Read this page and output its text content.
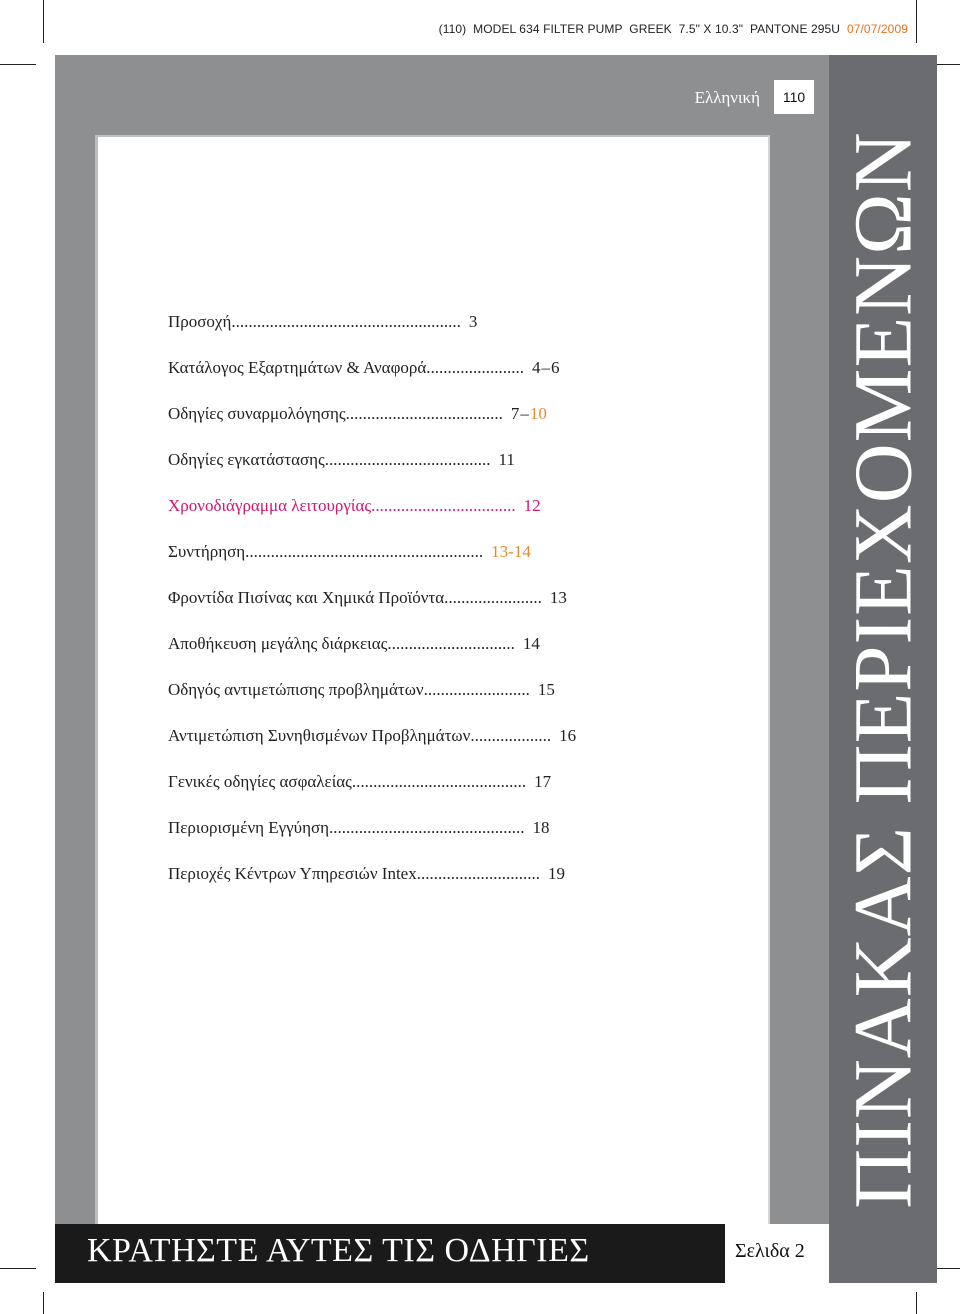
(110)  MODEL 634 FILTER PUMP  GREEK  7.5" X 10.3"  PANTONE 295U  07/07/2009
Ελληνική	110
ΠΙΝΑΚΑΣ ΠΕΡΙΕΧΟΜΕΝΩΝ
Προσοχή ...................................................... 3
Κατάλογος Εξαρτημάτων & Αναφορά ....................... 4–6
Οδηγίες συναρμολόγησης ..................................... 7–10
Οδηγίες εγκατάστασης ....................................... 11
Χρονοδιάγραμμα λειτουργίας .................................. 12
Συντήρηση ........................................................ 13-14
Φροντίδα Πισίνας και Χημικά Προϊόντα ....................... 13
Αποθήκευση μεγάλης διάρκειας .............................. 14
Οδηγός αντιμετώπισης προβλημάτων ......................... 15
Αντιμετώπιση Συνηθισμένων Προβλημάτων ................... 16
Γενικές οδηγίες ασφαλείας ......................................... 17
Περιορισμένη Εγγύηση .............................................. 18
Περιοχές Κέντρων Υπηρεσιών Intex ............................. 19
ΚΡΑΤΗΣΤΕ ΑΥΤΕΣ ΤΙΣ ΟΔΗΓΙΕΣ	Σελιδα 2
